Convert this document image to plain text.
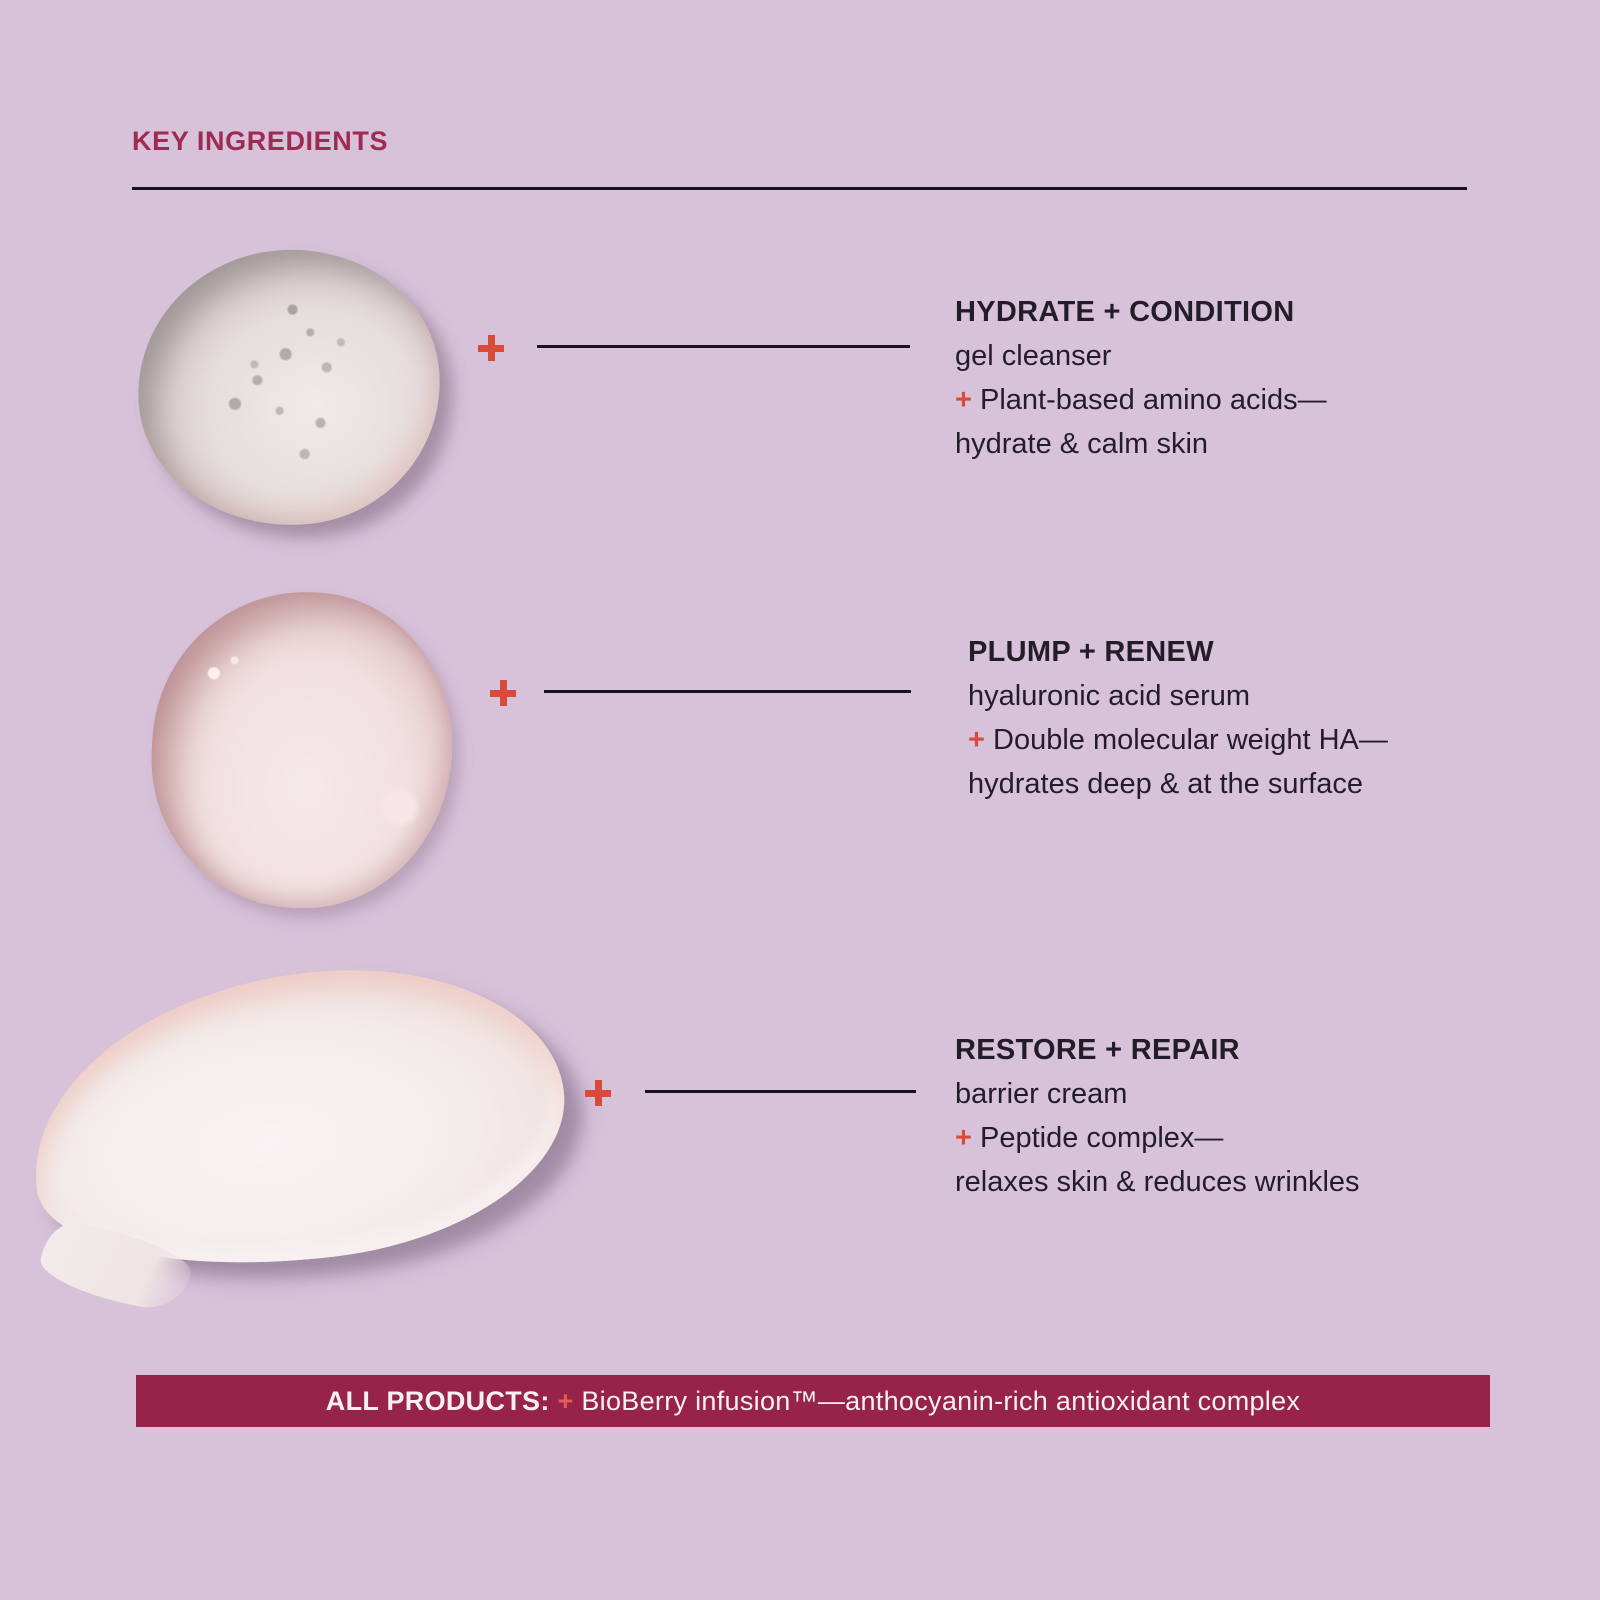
KEY INGREDIENTS
HYDRATE + CONDITION
gel cleanser
+ Plant-based amino acids—
hydrate & calm skin
PLUMP + RENEW
hyaluronic acid serum
+ Double molecular weight HA—
hydrates deep & at the surface
RESTORE + REPAIR
barrier cream
+ Peptide complex—
relaxes skin & reduces wrinkles
ALL PRODUCTS:
+
BioBerry infusion™—anthocyanin-rich antioxidant complex
